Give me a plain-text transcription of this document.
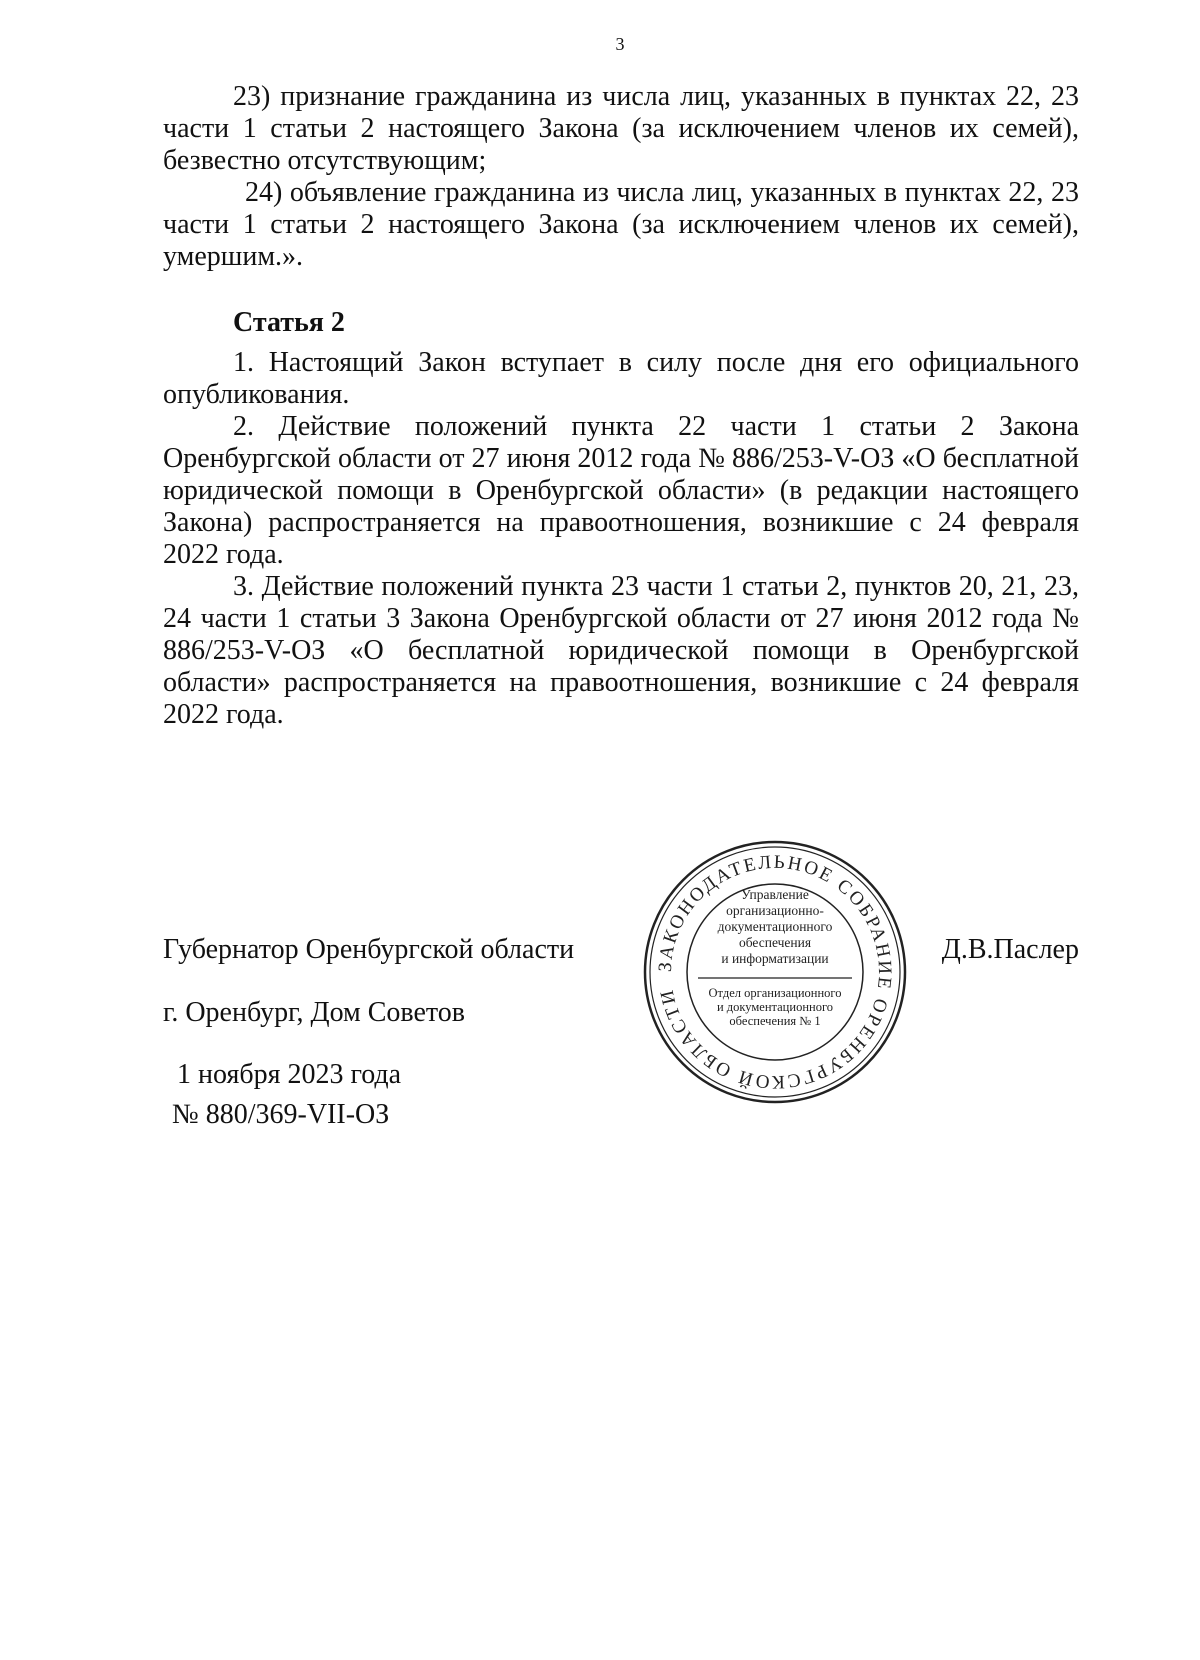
3

23) признание гражданина из числа лиц, указанных в пунктах 22, 23 части 1 статьи 2 настоящего Закона (за исключением членов их семей), безвестно отсутствующим;

24) объявление гражданина из числа лиц, указанных в пунктах 22, 23 части 1 статьи 2 настоящего Закона (за исключением членов их семей), умершим.».

Статья 2

1. Настоящий Закон вступает в силу после дня его официального опубликования.

2. Действие положений пункта 22 части 1 статьи 2 Закона Оренбургской области от 27 июня 2012 года № 886/253-V-ОЗ «О бесплатной юридической помощи в Оренбургской области» (в редакции настоящего Закона) распространяется на правоотношения, возникшие с 24 февраля 2022 года.

3. Действие положений пункта 23 части 1 статьи 2, пунктов 20, 21, 23, 24 части 1 статьи 3 Закона Оренбургской области от 27 июня 2012 года № 886/253-V-ОЗ «О бесплатной юридической помощи в Оренбургской области» распространяется на правоотношения, возникшие с 24 февраля 2022 года.

Губернатор Оренбургской области	Д.В.Паслер
г. Оренбург, Дом Советов
1 ноября 2023 года
№ 880/369-VII-ОЗ
ЗАКОНОДАТЕЛЬНОЕ СОБРАНИЕ ОРЕНБУРГСКОЙ ОБЛАСТИ
Управление организационно-документационного обеспечения и информатизации
Отдел организационного и документационного обеспечения № 1
